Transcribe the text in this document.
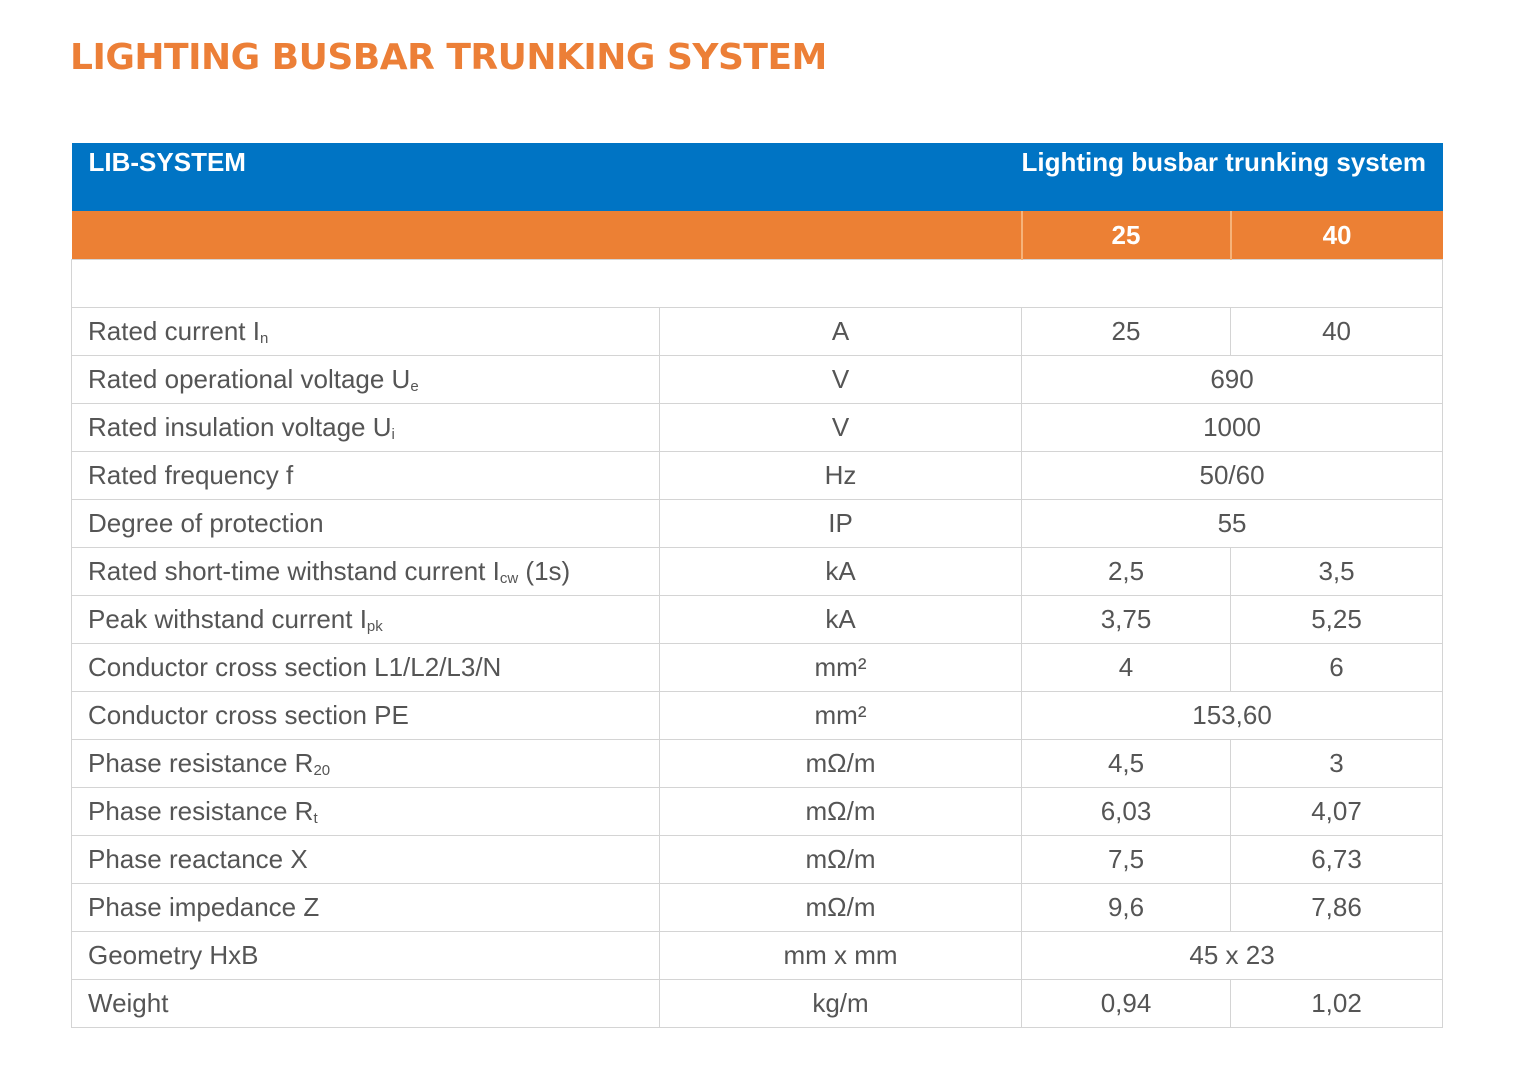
LIGHTING BUSBAR TRUNKING SYSTEM
LIB-SYSTEM		Lighting busbar trunking system	
		25	40

Rated current $I_n$	A	25	40
Rated operational voltage $U_e$	V	690	
Rated insulation voltage $U_i$	V	1000	
Rated frequency f	Hz	50/60	
Degree of protection	IP	55	
Rated short-time withstand current $I_{cw}$ (1s)	kA	2,5	3,5
Peak withstand current $I_{pk}$	kA	3,75	5,25
Conductor cross section L1/L2/L3/N	mm²	4	6
Conductor cross section PE	mm²	153,60	
Phase resistance $R_{20}$	mΩ/m	4,5	3
Phase resistance $R_t$	mΩ/m	6,03	4,07
Phase reactance X	mΩ/m	7,5	6,73
Phase impedance Z	mΩ/m	9,6	7,86
Geometry HxB	mm x mm	45 x 23	
Weight	kg/m	0,94	1,02
